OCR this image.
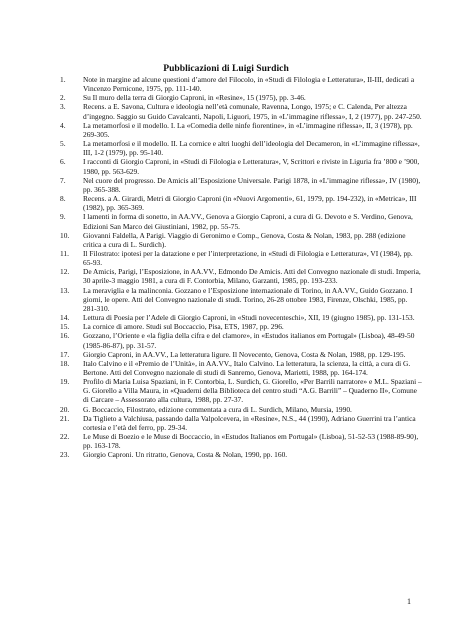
Pubblicazioni di Luigi Surdich
1.	Note in margine ad alcune questioni d’amore del Filocolo, in «Studi di Filologia e Letteratura», II-III, dedicati a Vincenzo Pernicone, 1975, pp. 111-140.
2.	Su Il muro della terra di Giorgio Caproni, in «Resine», 15 (1975), pp. 3-46.
3.	Recens. a E. Savona, Cultura e ideologia nell’età comunale, Ravenna, Longo, 1975; e C. Calenda, Per altezza d’ingegno. Saggio su Guido Cavalcanti, Napoli, Liguori, 1975, in «L’immagine riflessa», I, 2 (1977), pp. 247-250.
4.	La metamorfosi e il modello. I. La «Comedia delle ninfe fiorentine», in «L’immagine riflessa», II, 3 (1978), pp. 269-305.
5.	La metamorfosi e il modello. II. La cornice e altri luoghi dell’ideologia del Decameron, in «L’immagine riflessa», III, 1-2 (1979), pp. 95-140.
6.	I racconti di Giorgio Caproni, in «Studi di Filologia e Letteratura», V, Scrittori e riviste in Liguria fra ’800 e ’900, 1980, pp. 563-629.
7.	Nel cuore del progresso. De Amicis all’Esposizione Universale. Parigi 1878, in «L’immagine riflessa», IV (1980), pp. 365-388.
8.	Recens. a A. Girardi, Metri di Giorgio Caproni (in «Nuovi Argomenti», 61, 1979, pp. 194-232), in «Metrica», III (1982), pp. 365-369.
9.	I lamenti in forma di sonetto, in AA.VV., Genova a Giorgio Caproni, a cura di G. Devoto e S. Verdino, Genova, Edizioni San Marco dei Giustiniani, 1982, pp. 55-75.
10.	Giovanni Faldella, A Parigi. Viaggio di Geronimo e Comp., Genova, Costa & Nolan, 1983, pp. 288 (edizione critica a cura di L. Surdich).
11.	Il Filostrato: ipotesi per la datazione e per l’interpretazione, in «Studi di Filologia e Letteratura», VI (1984), pp. 65-93.
12.	De Amicis, Parigi, l’Esposizione, in AA.VV., Edmondo De Amicis. Atti del Convegno nazionale di studi. Imperia, 30 aprile-3 maggio 1981, a cura di F. Contorbia, Milano, Garzanti, 1985, pp. 193-233.
13.	La meraviglia e la malinconia. Gozzano e l’Esposizione internazionale di Torino, in AA.VV., Guido Gozzano. I giorni, le opere. Atti del Convegno nazionale di studi. Torino, 26-28 ottobre 1983, Firenze, Olschki, 1985, pp. 281-310.
14.	Lettura di Poesia per l’Adele di Giorgio Caproni, in «Studi novecenteschi», XII, 19 (giugno 1985), pp. 131-153.
15.	La cornice di amore. Studi sul Boccaccio, Pisa, ETS, 1987, pp. 296.
16.	Gozzano, l’Oriente e «la figlia della cifra e del clamore», in «Estudos italianos em Portugal» (Lisboa), 48-49-50 (1985-86-87), pp. 31-57.
17.	Giorgio Caproni, in AA.VV., La letteratura ligure. Il Novecento, Genova, Costa & Nolan, 1988, pp. 129-195.
18.	Italo Calvino e il «Premio de l’Unità», in AA.VV., Italo Calvino. La letteratura, la scienza, la città, a cura di G. Bertone. Atti del Convegno nazionale di studi di Sanremo, Genova, Marietti, 1988, pp. 164-174.
19.	Profilo di Maria Luisa Spaziani, in F. Contorbia, L. Surdich, G. Giorello, «Per Barrili narratore» e M.L. Spaziani – G. Giorello a Villa Maura, in «Quaderni della Biblioteca del centro studi “A.G. Barrili” – Quaderno II», Comune di Carcare – Assessorato alla cultura, 1988, pp. 27-37.
20.	G. Boccaccio, Filostrato, edizione commentata a cura di L. Surdich, Milano, Mursia, 1990.
21.	Da Tiglieto a Valchiusa, passando dalla Valpolcevera, in «Resine», N.S., 44 (1990), Adriano Guerrini tra l’antica cortesia e l’età del ferro, pp. 29-34.
22.	Le Muse di Boezio e le Muse di Boccaccio, in «Estudos Italianos em Portugal» (Lisboa), 51-52-53 (1988-89-90), pp. 163-178.
23.	Giorgio Caproni. Un ritratto, Genova, Costa & Nolan, 1990, pp. 160.
1
